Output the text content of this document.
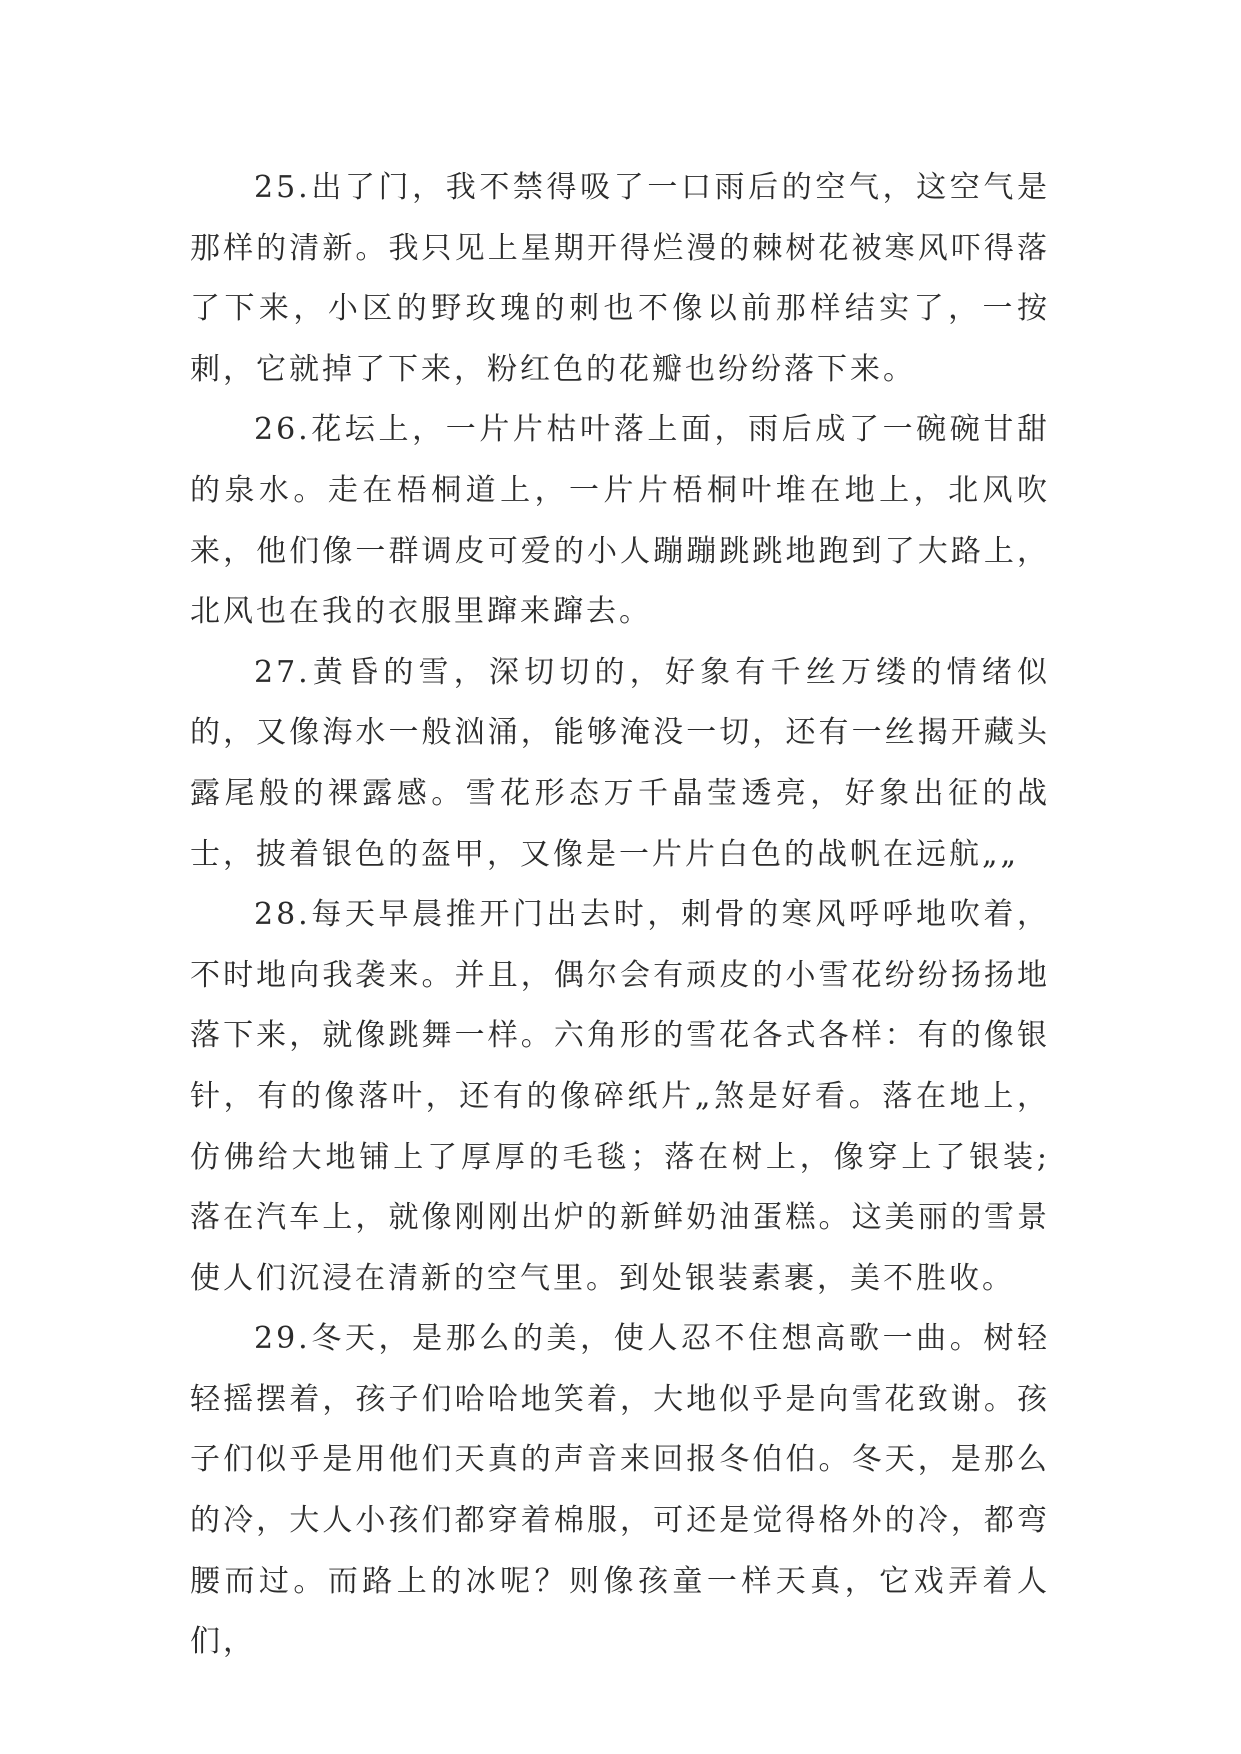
25.出了门，我不禁得吸了一口雨后的空气，这空气是那样的清新。我只见上星期开得烂漫的棘树花被寒风吓得落了下来，小区的野玫瑰的刺也不像以前那样结实了，一按刺，它就掉了下来，粉红色的花瓣也纷纷落下来。

26.花坛上，一片片枯叶落上面，雨后成了一碗碗甘甜的泉水。走在梧桐道上，一片片梧桐叶堆在地上，北风吹来，他们像一群调皮可爱的小人蹦蹦跳跳地跑到了大路上，北风也在我的衣服里蹿来蹿去。

27.黄昏的雪，深切切的，好象有千丝万缕的情绪似的，又像海水一般汹涌，能够淹没一切，还有一丝揭开藏头露尾般的裸露感。雪花形态万千晶莹透亮，好象出征的战士，披着银色的盔甲，又像是一片片白色的战帆在远航„„

28.每天早晨推开门出去时，刺骨的寒风呼呼地吹着，不时地向我袭来。并且，偶尔会有顽皮的小雪花纷纷扬扬地落下来，就像跳舞一样。六角形的雪花各式各样：有的像银针，有的像落叶，还有的像碎纸片„煞是好看。落在地上，仿佛给大地铺上了厚厚的毛毯；落在树上，像穿上了银装;落在汽车上，就像刚刚出炉的新鲜奶油蛋糕。这美丽的雪景使人们沉浸在清新的空气里。到处银装素裹，美不胜收。

29.冬天，是那么的美，使人忍不住想高歌一曲。树轻轻摇摆着，孩子们哈哈地笑着，大地似乎是向雪花致谢。孩子们似乎是用他们天真的声音来回报冬伯伯。冬天，是那么的冷，大人小孩们都穿着棉服，可还是觉得格外的冷，都弯腰而过。而路上的冰呢？则像孩童一样天真，它戏弄着人们，
